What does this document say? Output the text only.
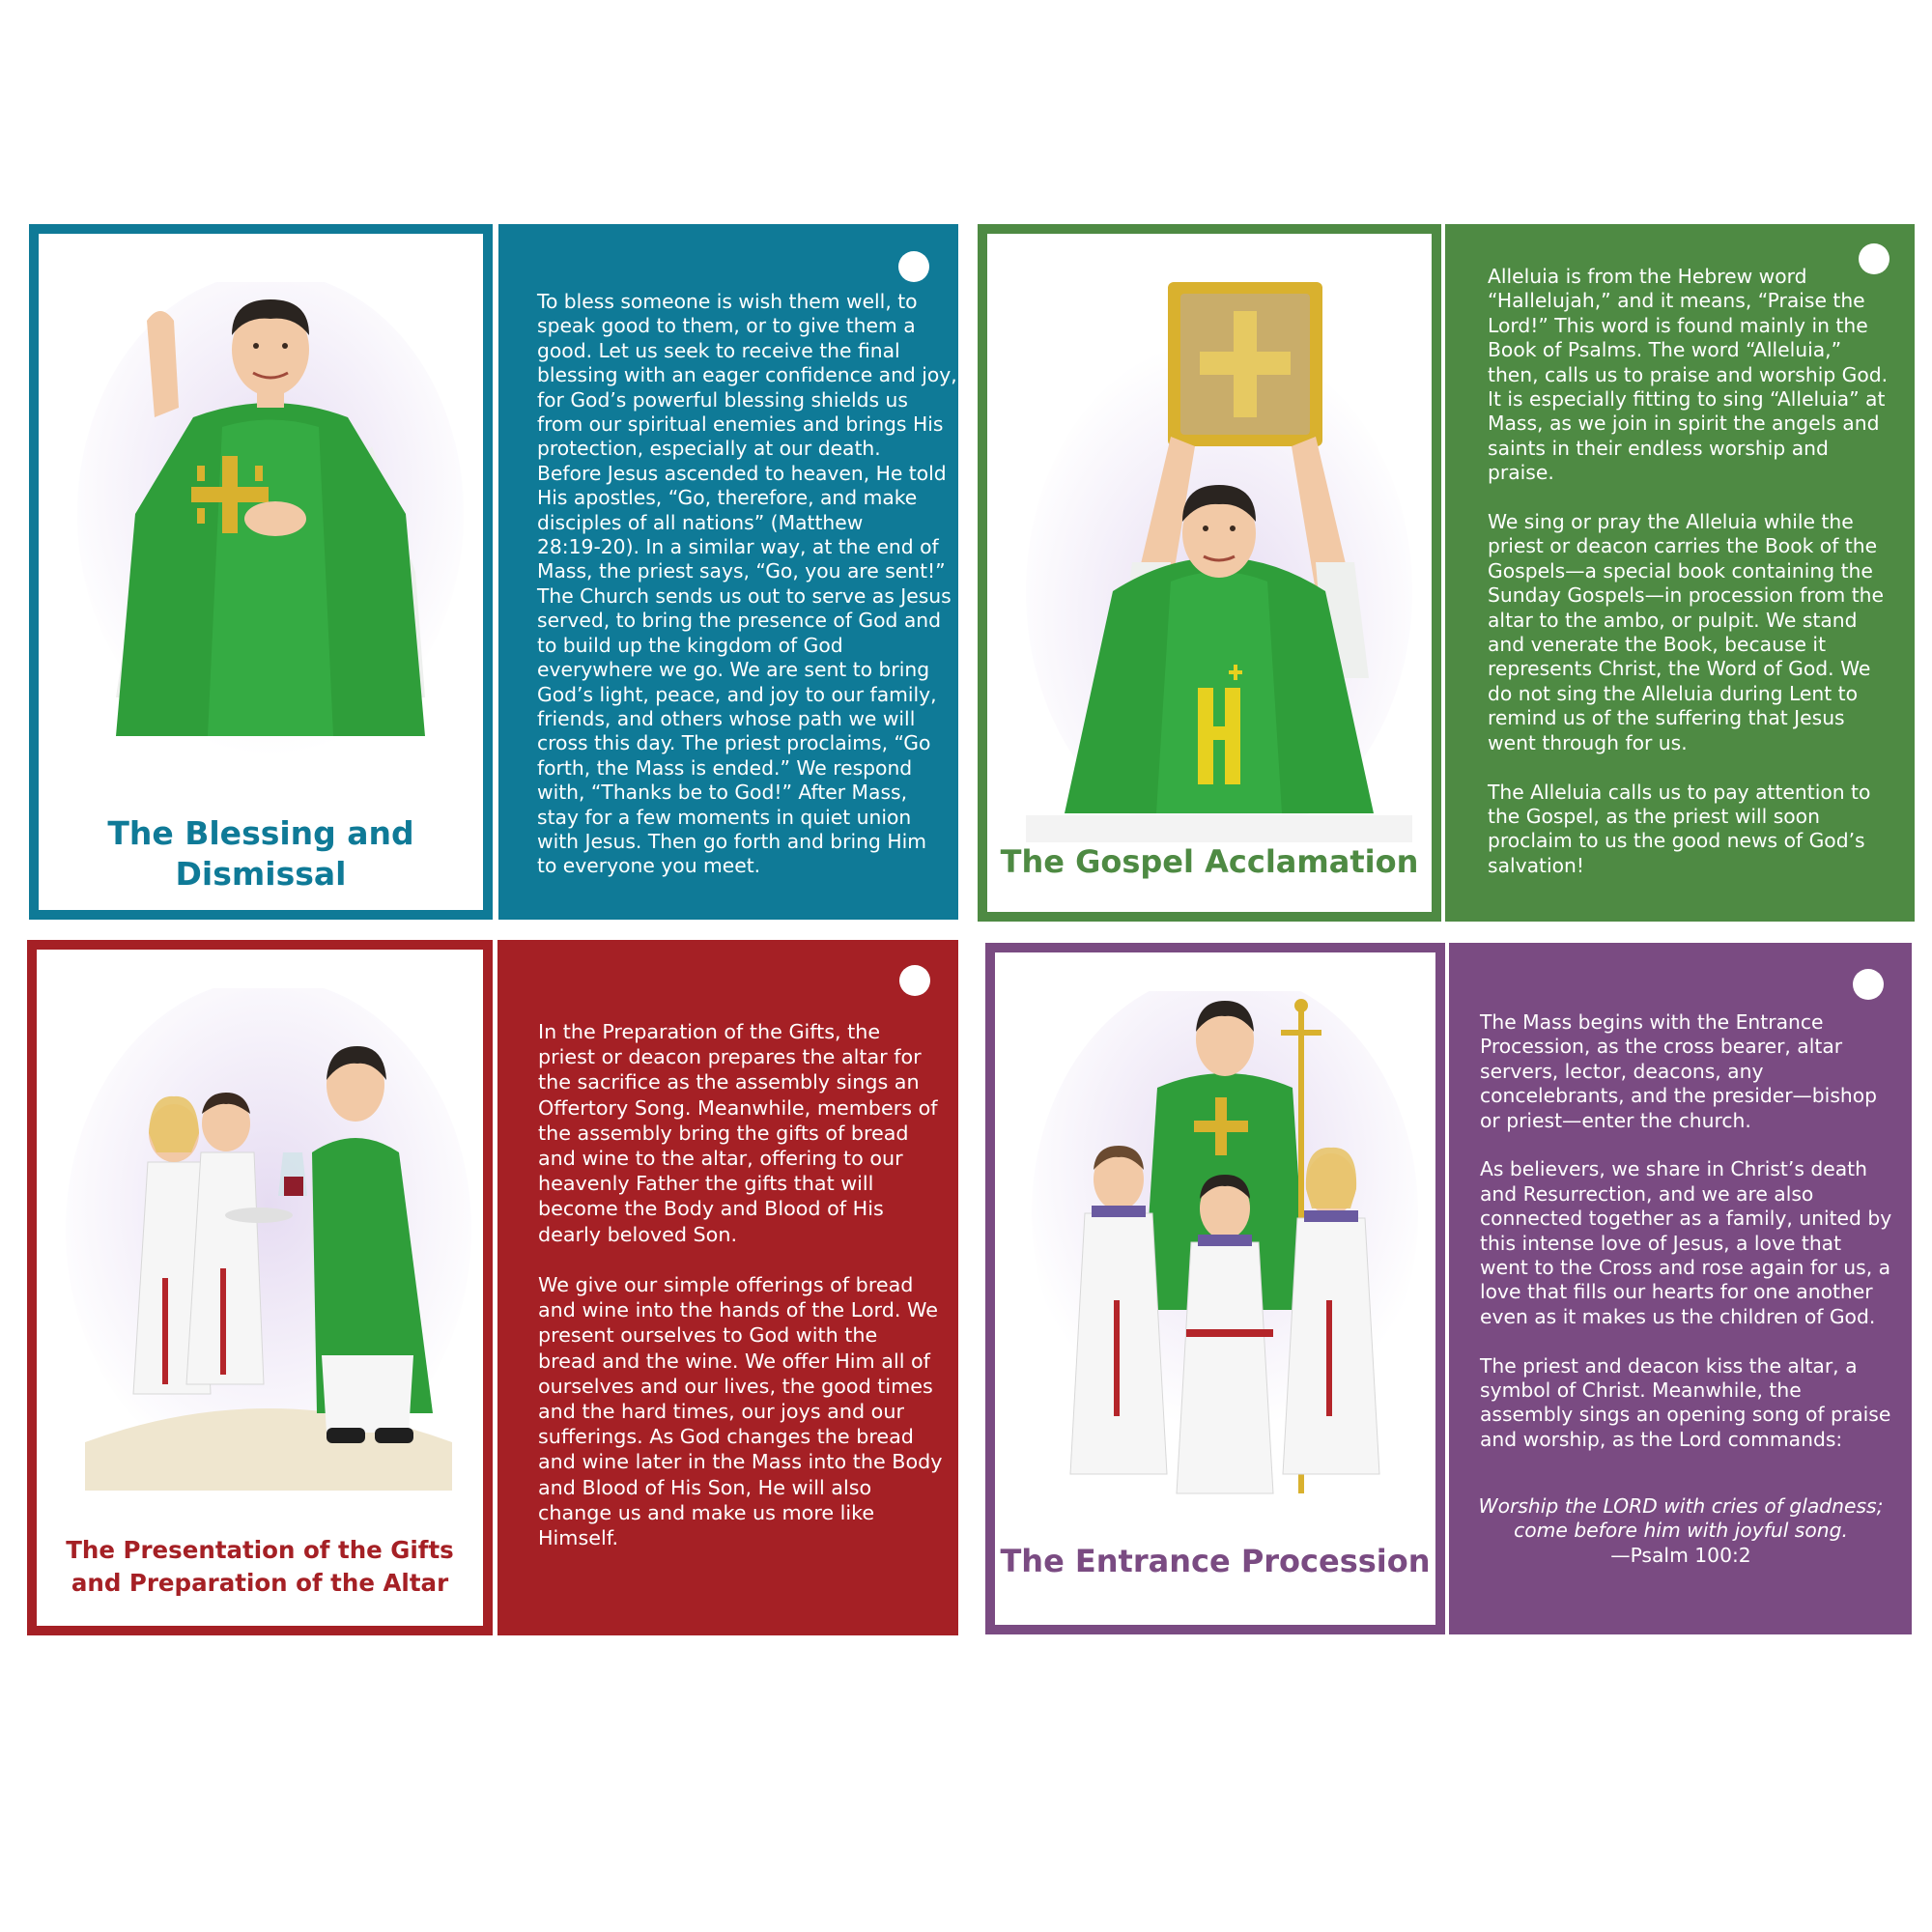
The Blessing and
Dismissal

To bless someone is wish them well, to
speak good to them, or to give them a
good. Let us seek to receive the final
blessing with an eager confidence and joy,
for God’s powerful blessing shields us
from our spiritual enemies and brings His
protection, especially at our death.
Before Jesus ascended to heaven, He told
His apostles, “Go, therefore, and make
disciples of all nations” (Matthew
28:19-20). In a similar way, at the end of
Mass, the priest says, “Go, you are sent!”
The Church sends us out to serve as Jesus
served, to bring the presence of God and
to build up the kingdom of God
everywhere we go. We are sent to bring
God’s light, peace, and joy to our family,
friends, and others whose path we will
cross this day. The priest proclaims, “Go
forth, the Mass is ended.” We respond
with, “Thanks be to God!” After Mass,
stay for a few moments in quiet union
with Jesus. Then go forth and bring Him
to everyone you meet.	The Gospel Acclamation

Alleluia is from the Hebrew word
“Hallelujah,” and it means, “Praise the
Lord!” This word is found mainly in the
Book of Psalms. The word “Alleluia,”
then, calls us to praise and worship God.
It is especially fitting to sing “Alleluia” at
Mass, as we join in spirit the angels and
saints in their endless worship and
praise.

We sing or pray the Alleluia while the
priest or deacon carries the Book of the
Gospels—a special book containing the
Sunday Gospels—in procession from the
altar to the ambo, or pulpit. We stand
and venerate the Book, because it
represents Christ, the Word of God. We
do not sing the Alleluia during Lent to
remind us of the suffering that Jesus
went through for us.

The Alleluia calls us to pay attention to
the Gospel, as the priest will soon
proclaim to us the good news of God’s
salvation!

The Presentation of the Gifts
and Preparation of the Altar

In the Preparation of the Gifts, the
priest or deacon prepares the altar for
the sacrifice as the assembly sings an
Offertory Song. Meanwhile, members of
the assembly bring the gifts of bread
and wine to the altar, offering to our
heavenly Father the gifts that will
become the Body and Blood of His
dearly beloved Son.

We give our simple offerings of bread
and wine into the hands of the Lord. We
present ourselves to God with the
bread and the wine. We offer Him all of
ourselves and our lives, the good times
and the hard times, our joys and our
sufferings. As God changes the bread
and wine later in the Mass into the Body
and Blood of His Son, He will also
change us and make us more like
Himself.

The Entrance Procession

The Mass begins with the Entrance
Procession, as the cross bearer, altar
servers, lector, deacons, any
concelebrants, and the presider—bishop
or priest—enter the church.

As believers, we share in Christ’s death
and Resurrection, and we are also
connected together as a family, united by
this intense love of Jesus, a love that
went to the Cross and rose again for us, a
love that fills our hearts for one another
even as it makes us the children of God.

The priest and deacon kiss the altar, a
symbol of Christ. Meanwhile, the
assembly sings an opening song of praise
and worship, as the Lord commands:

Worship the LORD with cries of gladness;
come before him with joyful song.

—Psalm 100:2
